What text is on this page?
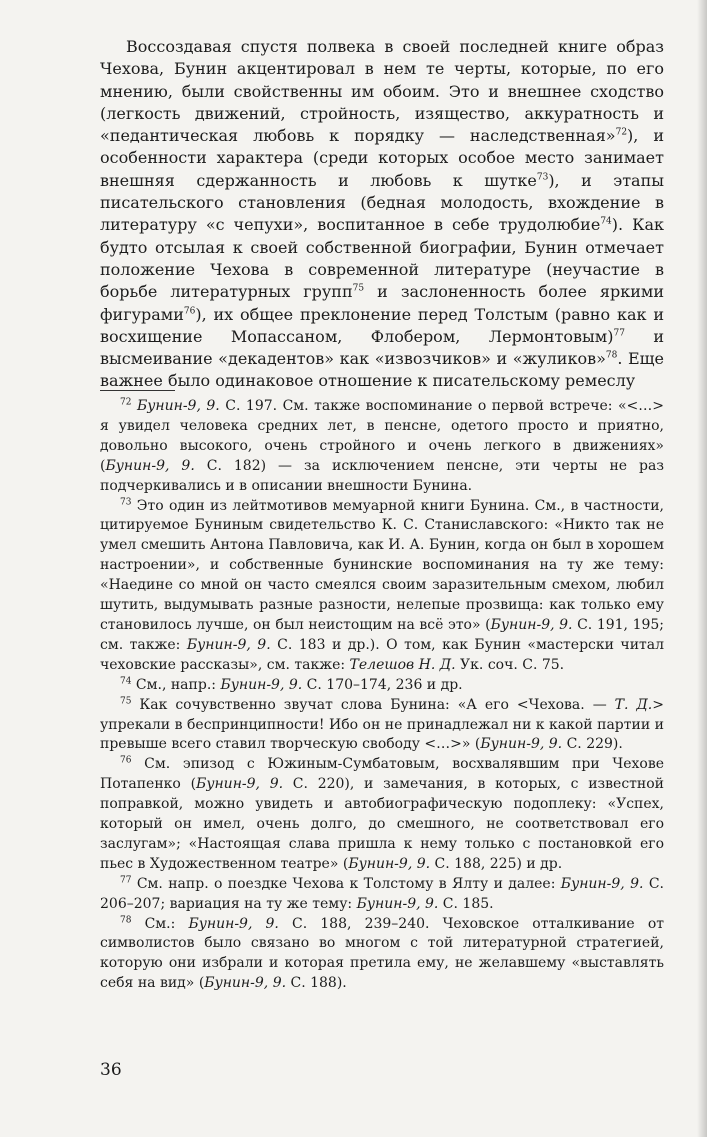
Воссоздавая спустя полвека в своей последней книге образ Чехова, Бунин акцентировал в нем те черты, которые, по его мнению, были свойственны им обоим. Это и внешнее сходство (легкость движений, стройность, изящество, аккуратность и «педантическая любовь к порядку — наследственная»$^{72}$), и особенности характера (среди которых особое место занимает внешняя сдержанность и любовь к шутке$^{73}$), и этапы писательского становления (бедная молодость, вхождение в литературу «с чепухи», воспитанное в себе трудолюбие$^{74}$). Как будто отсылая к своей собственной биографии, Бунин отмечает положение Чехова в современной литературе (неучастие в борьбе литературных групп$^{75}$ и заслоненность более яркими фигурами$^{76}$), их общее преклонение перед Толстым (равно как и восхищение Мопассаном, Флобером, Лермонтовым)$^{77}$ и высмеивание «декадентов» как «извозчиков» и «жуликов»$^{78}$. Еще важнее было одинаковое отношение к писательскому ремеслу

$^{72}$ Бунин-9, 9. С. 197. См. также воспоминание о первой встрече: «<…> я увидел человека средних лет, в пенсне, одетого просто и приятно, довольно высокого, очень стройного и очень легкого в движениях» (Бунин-9, 9. С. 182) — за исключением пенсне, эти черты не раз подчеркивались и в описании внешности Бунина.

$^{73}$ Это один из лейтмотивов мемуарной книги Бунина. См., в частности, цитируемое Буниным свидетельство К. С. Станиславского: «Никто так не умел смешить Антона Павловича, как И. А. Бунин, когда он был в хорошем настроении», и собственные бунинские воспоминания на ту же тему: «Наедине со мной он часто смеялся своим заразительным смехом, любил шутить, выдумывать разные разности, нелепые прозвища: как только ему становилось лучше, он был неистощим на всё это» (Бунин-9, 9. С. 191, 195; см. также: Бунин-9, 9. С. 183 и др.). О том, как Бунин «мастерски читал чеховские рассказы», см. также: Телешов Н. Д. Ук. соч. С. 75.

$^{74}$ См., напр.: Бунин-9, 9. С. 170–174, 236 и др.

$^{75}$ Как сочувственно звучат слова Бунина: «А его <Чехова. — Т. Д.> упрекали в беспринципности! Ибо он не принадлежал ни к какой партии и превыше всего ставил творческую свободу <…>» (Бунин-9, 9. С. 229).

$^{76}$ См. эпизод с Южиным-Сумбатовым, восхвалявшим при Чехове Потапенко (Бунин-9, 9. С. 220), и замечания, в которых, с известной поправкой, можно увидеть и автобиографическую подоплеку: «Успех, который он имел, очень долго, до смешного, не соответствовал его заслугам»; «Настоящая слава пришла к нему только с постановкой его пьес в Художественном театре» (Бунин-9, 9. С. 188, 225) и др.

$^{77}$ См. напр. о поездке Чехова к Толстому в Ялту и далее: Бунин-9, 9. С. 206–207; вариация на ту же тему: Бунин-9, 9. С. 185.

$^{78}$ См.: Бунин-9, 9. С. 188, 239–240. Чеховское отталкивание от символистов было связано во многом с той литературной стратегией, которую они избрали и которая претила ему, не желавшему «выставлять себя на вид» (Бунин-9, 9. С. 188).

36
